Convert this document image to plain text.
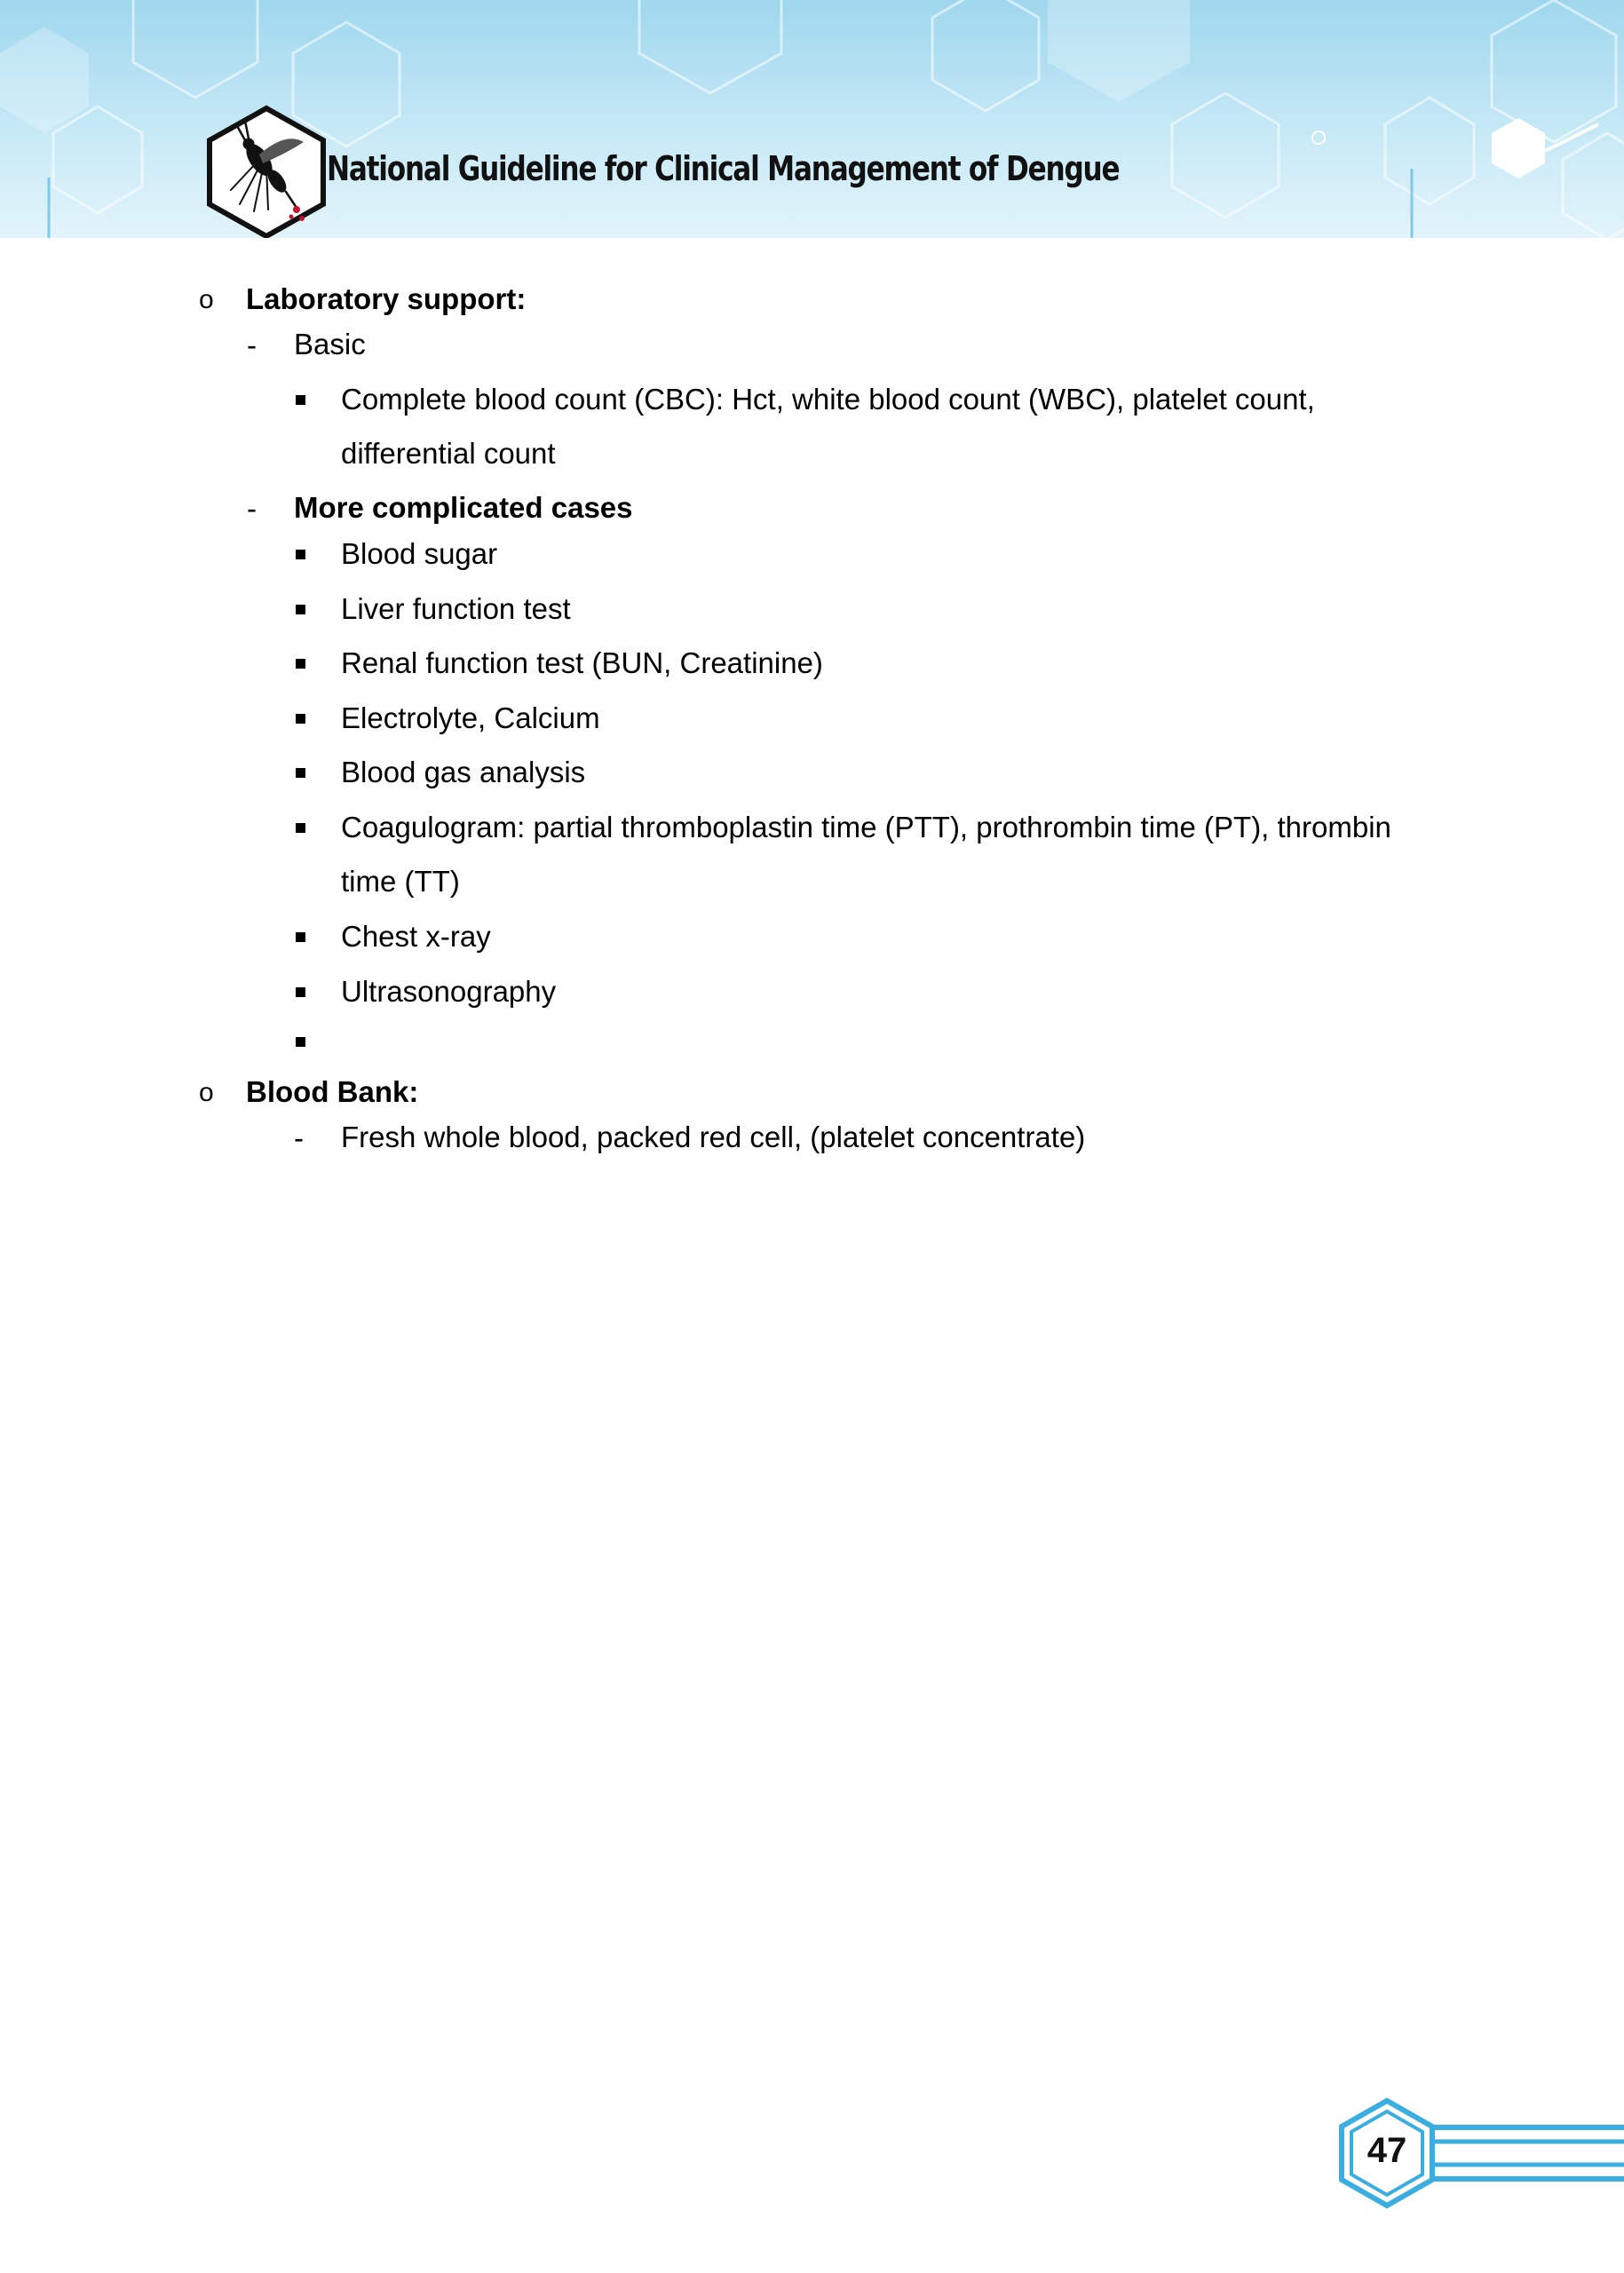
National Guideline for Clinical Management of Dengue
o Laboratory support:
- Basic
Complete blood count (CBC): Hct, white blood count (WBC), platelet count,
differential count
- More complicated cases
Blood sugar
Liver function test
Renal function test (BUN, Creatinine)
Electrolyte, Calcium
Blood gas analysis
Coagulogram: partial thromboplastin time (PTT), prothrombin time (PT), thrombin
time (TT)
Chest x-ray
Ultrasonography
o Blood Bank:
- Fresh whole blood, packed red cell, (platelet concentrate)
47
